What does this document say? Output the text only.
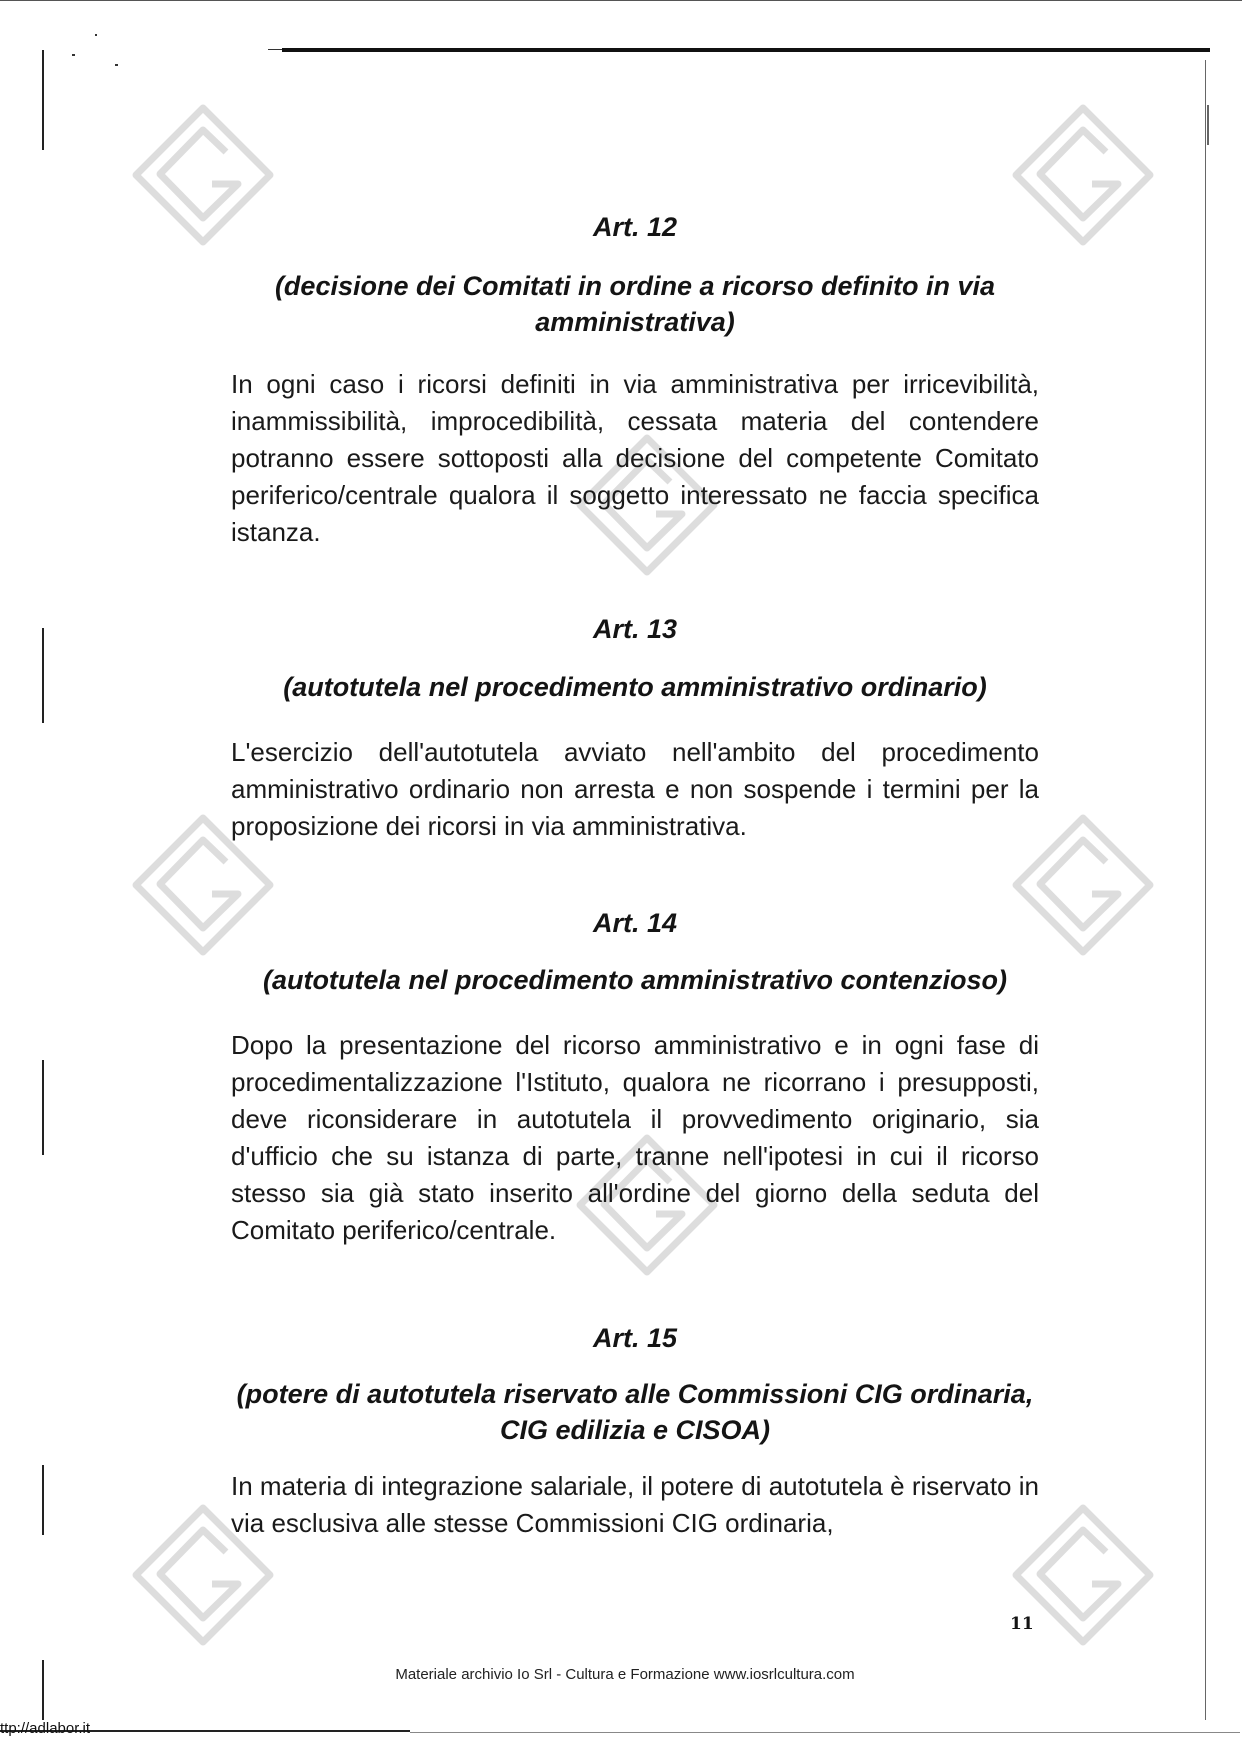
Art. 12
(decisione dei Comitati in ordine a ricorso definito in via amministrativa)
In ogni caso i ricorsi definiti in via amministrativa per irricevibilità, inammissibilità, improcedibilità, cessata materia del contendere potranno essere sottoposti alla decisione del competente Comitato periferico/centrale qualora il soggetto interessato ne faccia specifica istanza.
Art. 13
(autotutela nel procedimento amministrativo ordinario)
L'esercizio dell'autotutela avviato nell'ambito del procedimento amministrativo ordinario non arresta e non sospende i termini per la proposizione dei ricorsi in via amministrativa.
Art. 14
(autotutela nel procedimento amministrativo contenzioso)
Dopo la presentazione del ricorso amministrativo e in ogni fase di procedimentalizzazione l'Istituto, qualora ne ricorrano i presupposti, deve riconsiderare in autotutela il provvedimento originario, sia d'ufficio che su istanza di parte, tranne nell'ipotesi in cui il ricorso stesso sia già stato inserito all'ordine del giorno della seduta del Comitato periferico/centrale.
Art. 15
(potere di autotutela riservato alle Commissioni CIG ordinaria, CIG edilizia e CISOA)
In materia di integrazione salariale, il potere di autotutela è riservato in via esclusiva alle stesse Commissioni CIG ordinaria,
11
Materiale archivio Io Srl - Cultura e Formazione www.iosrlcultura.com
ttp://adlabor.it
